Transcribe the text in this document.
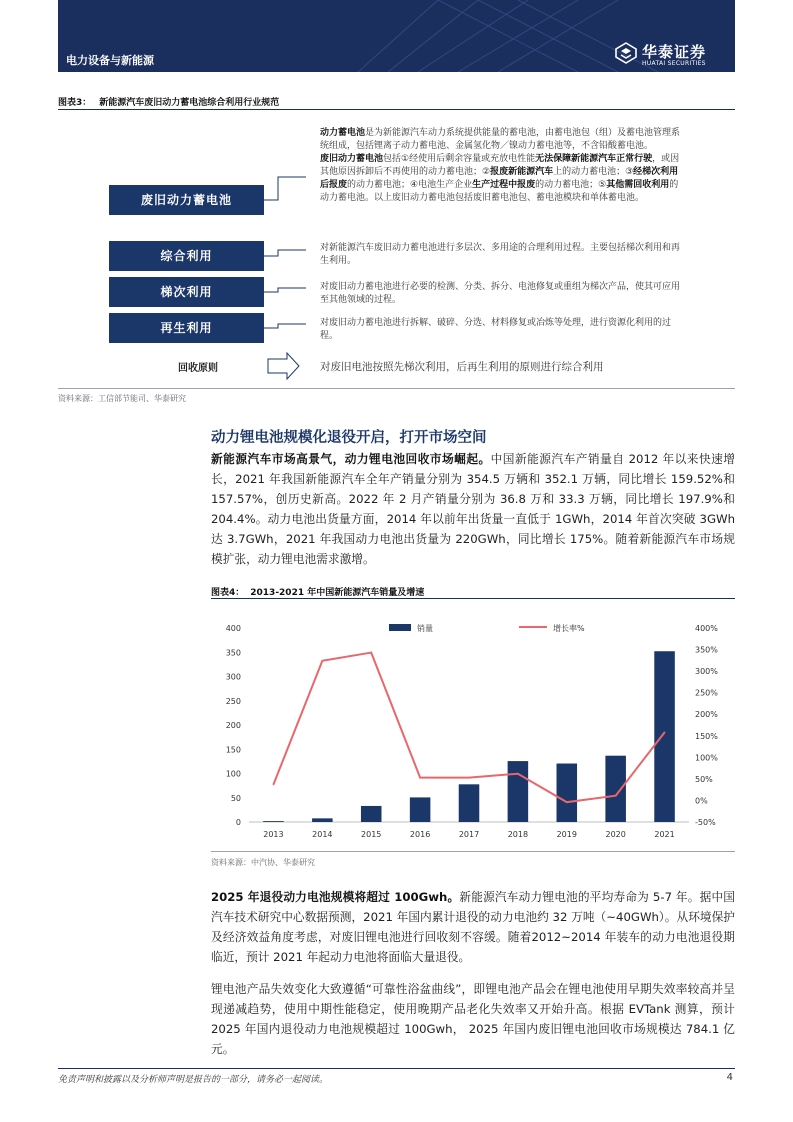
电力设备与新能源	华泰证券
HUATAI SECURITIES
图表3： 新能源汽车废旧动力蓄电池综合利用行业规范
废旧动力蓄电池
综合利用
梯次利用
再生利用

动力蓄电池是为新能源汽车动力系统提供能量的蓄电池，由蓄电池包（组）及蓄电池管理系统组成，包括锂离子动力蓄电池、金属氢化物／镍动力蓄电池等，不含铅酸蓄电池。

废旧动力蓄电池包括①经使用后剩余容量或充放电性能无法保障新能源汽车正常行驶，或因其他原因拆卸后不再使用的动力蓄电池；②报废新能源汽车上的动力蓄电池；③经梯次利用后报废的动力蓄电池；④电池生产企业生产过程中报废的动力蓄电池；⑤其他需回收利用的动力蓄电池。以上废旧动力蓄电池包括废旧蓄电池包、蓄电池模块和单体蓄电池。

对新能源汽车废旧动力蓄电池进行多层次、多用途的合理利用过程。主要包括梯次利用和再生利用。
对废旧动力蓄电池进行必要的检测、分类、拆分、电池修复或重组为梯次产品，使其可应用至其他领域的过程。
对废旧动力蓄电池进行拆解、破碎、分选、材料修复或冶炼等处理，进行资源化利用的过程。
回收原则	对废旧电池按照先梯次利用，后再生利用的原则进行综合利用
资料来源：工信部节能司、华泰研究
动力锂电池规模化退役开启，打开市场空间
新能源汽车市场高景气，动力锂电池回收市场崛起。中国新能源汽车产销量自 2012 年以来快速增长，2021 年我国新能源汽车全年产销量分别为 354.5 万辆和 352.1 万辆，同比增长 159.52%和 157.57%，创历史新高。2022 年 2 月产销量分别为 36.8 万和 33.3 万辆，同比增长 197.9%和 204.4%。动力电池出货量方面，2014 年以前年出货量一直低于 1GWh，2014 年首次突破 3GWh 达 3.7GWh，2021 年我国动力电池出货量为 220GWh，同比增长 175%。随着新能源汽车市场规模扩张，动力锂电池需求激增。
图表4： 2013-2021 年中国新能源汽车销量及增速
0
50
100
150
200
250
300
350
400
-50%
0%
50%
100%
150%
200%
250%
300%
350%
400%
2013	2014	2015	2016	2017	2018	2019	2020	2021
销量	增长率%
资料来源：中汽协、华泰研究
2025 年退役动力电池规模将超过 100Gwh。新能源汽车动力锂电池的平均寿命为 5-7 年。据中国汽车技术研究中心数据预测，2021 年国内累计退役的动力电池约 32 万吨（~40GWh）。从环境保护及经济效益角度考虑，对废旧锂电池进行回收刻不容缓。随着2012~2014 年装车的动力电池退役期临近，预计 2021 年起动力电池将面临大量退役。
锂电池产品失效变化大致遵循“可靠性浴盆曲线”，即锂电池产品会在锂电池使用早期失效率较高并呈现递减趋势，使用中期性能稳定，使用晚期产品老化失效率又开始升高。根据 EVTank 测算，预计 2025 年国内退役动力电池规模超过 100Gwh， 2025 年国内废旧锂电池回收市场规模达 784.1 亿元。
免责声明和披露以及分析师声明是报告的一部分，请务必一起阅读。	4
